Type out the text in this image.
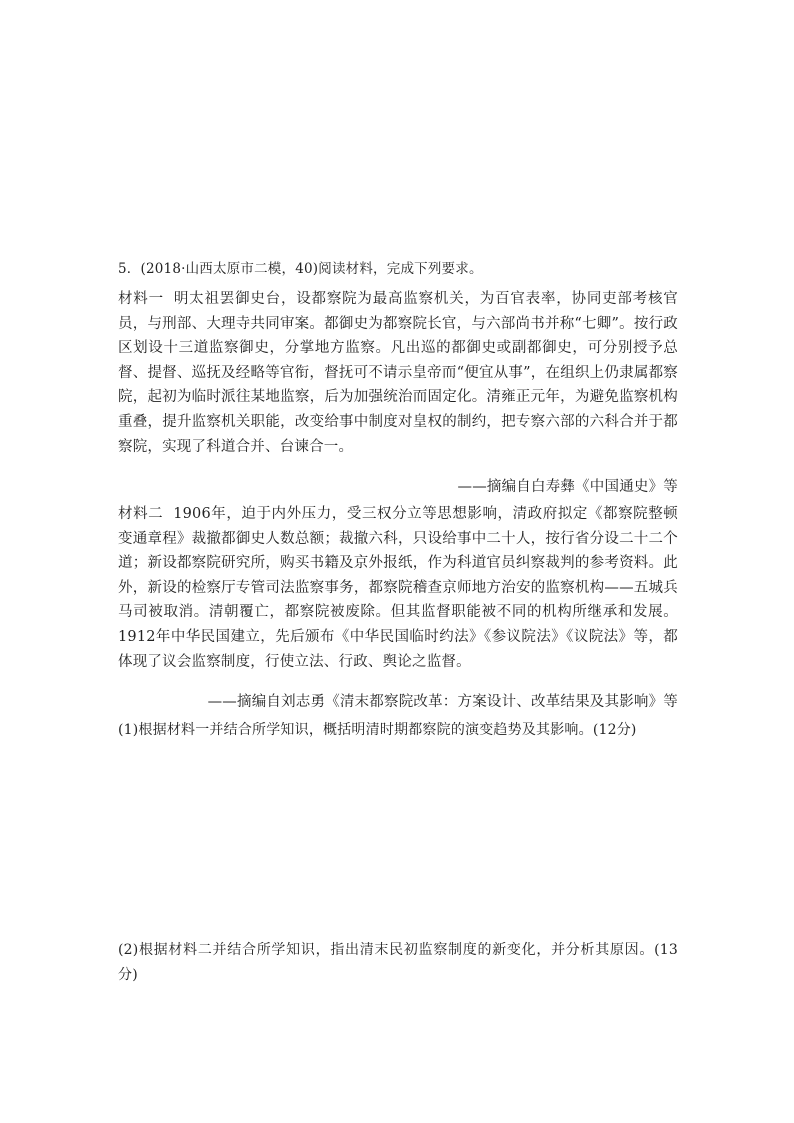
5．(2018·山西太原市二模，40)阅读材料，完成下列要求。
材料一 明太祖罢御史台，设都察院为最高监察机关，为百官表率，协同吏部考核官员，与刑部、大理寺共同审案。都御史为都察院长官，与六部尚书并称“七卿”。按行政区划设十三道监察御史，分掌地方监察。凡出巡的都御史或副都御史，可分别授予总督、提督、巡抚及经略等官衔，督抚可不请示皇帝而“便宜从事”，在组织上仍隶属都察院，起初为临时派往某地监察，后为加强统治而固定化。清雍正元年，为避免监察机构重叠，提升监察机关职能，改变给事中制度对皇权的制约，把专察六部的六科合并于都察院，实现了科道合并、台谏合一。
——摘编自白寿彝《中国通史》等
材料二 1906年，迫于内外压力，受三权分立等思想影响，清政府拟定《都察院整顿变通章程》裁撤都御史人数总额；裁撤六科，只设给事中二十人，按行省分设二十二个道；新设都察院研究所，购买书籍及京外报纸，作为科道官员纠察裁判的参考资料。此外，新设的检察厅专管司法监察事务，都察院稽查京师地方治安的监察机构——五城兵马司被取消。清朝覆亡，都察院被废除。但其监督职能被不同的机构所继承和发展。1912年中华民国建立，先后颁布《中华民国临时约法》《参议院法》《议院法》等，都体现了议会监察制度，行使立法、行政、舆论之监督。
——摘编自刘志勇《清末都察院改革：方案设计、改革结果及其影响》等
(1)根据材料一并结合所学知识，概括明清时期都察院的演变趋势及其影响。(12分)
(2)根据材料二并结合所学知识，指出清末民初监察制度的新变化，并分析其原因。(13分)
